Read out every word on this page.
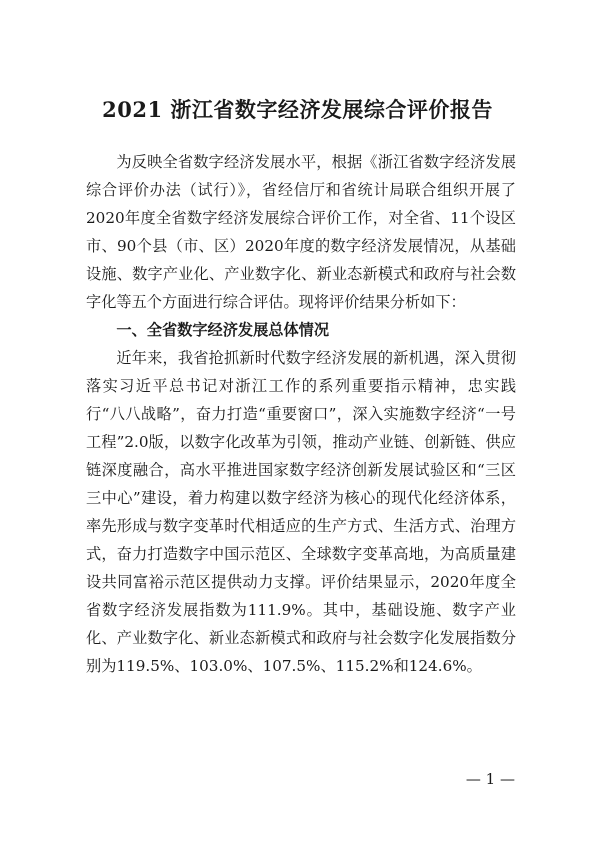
2021 浙江省数字经济发展综合评价报告

为反映全省数字经济发展水平，根据《浙江省数字经济发展综合评价办法（试行）》，省经信厅和省统计局联合组织开展了2020年度全省数字经济发展综合评价工作，对全省、11个设区市、90个县（市、区）2020年度的数字经济发展情况，从基础设施、数字产业化、产业数字化、新业态新模式和政府与社会数字化等五个方面进行综合评估。现将评价结果分析如下：

一、全省数字经济发展总体情况

近年来，我省抢抓新时代数字经济发展的新机遇，深入贯彻落实习近平总书记对浙江工作的系列重要指示精神，忠实践行“八八战略”，奋力打造“重要窗口”，深入实施数字经济“一号工程”2.0版，以数字化改革为引领，推动产业链、创新链、供应链深度融合，高水平推进国家数字经济创新发展试验区和“三区三中心”建设，着力构建以数字经济为核心的现代化经济体系，率先形成与数字变革时代相适应的生产方式、生活方式、治理方式，奋力打造数字中国示范区、全球数字变革高地，为高质量建设共同富裕示范区提供动力支撑。评价结果显示，2020年度全省数字经济发展指数为111.9%。其中，基础设施、数字产业化、产业数字化、新业态新模式和政府与社会数字化发展指数分别为119.5%、103.0%、107.5%、115.2%和124.6%。

— 1 —
